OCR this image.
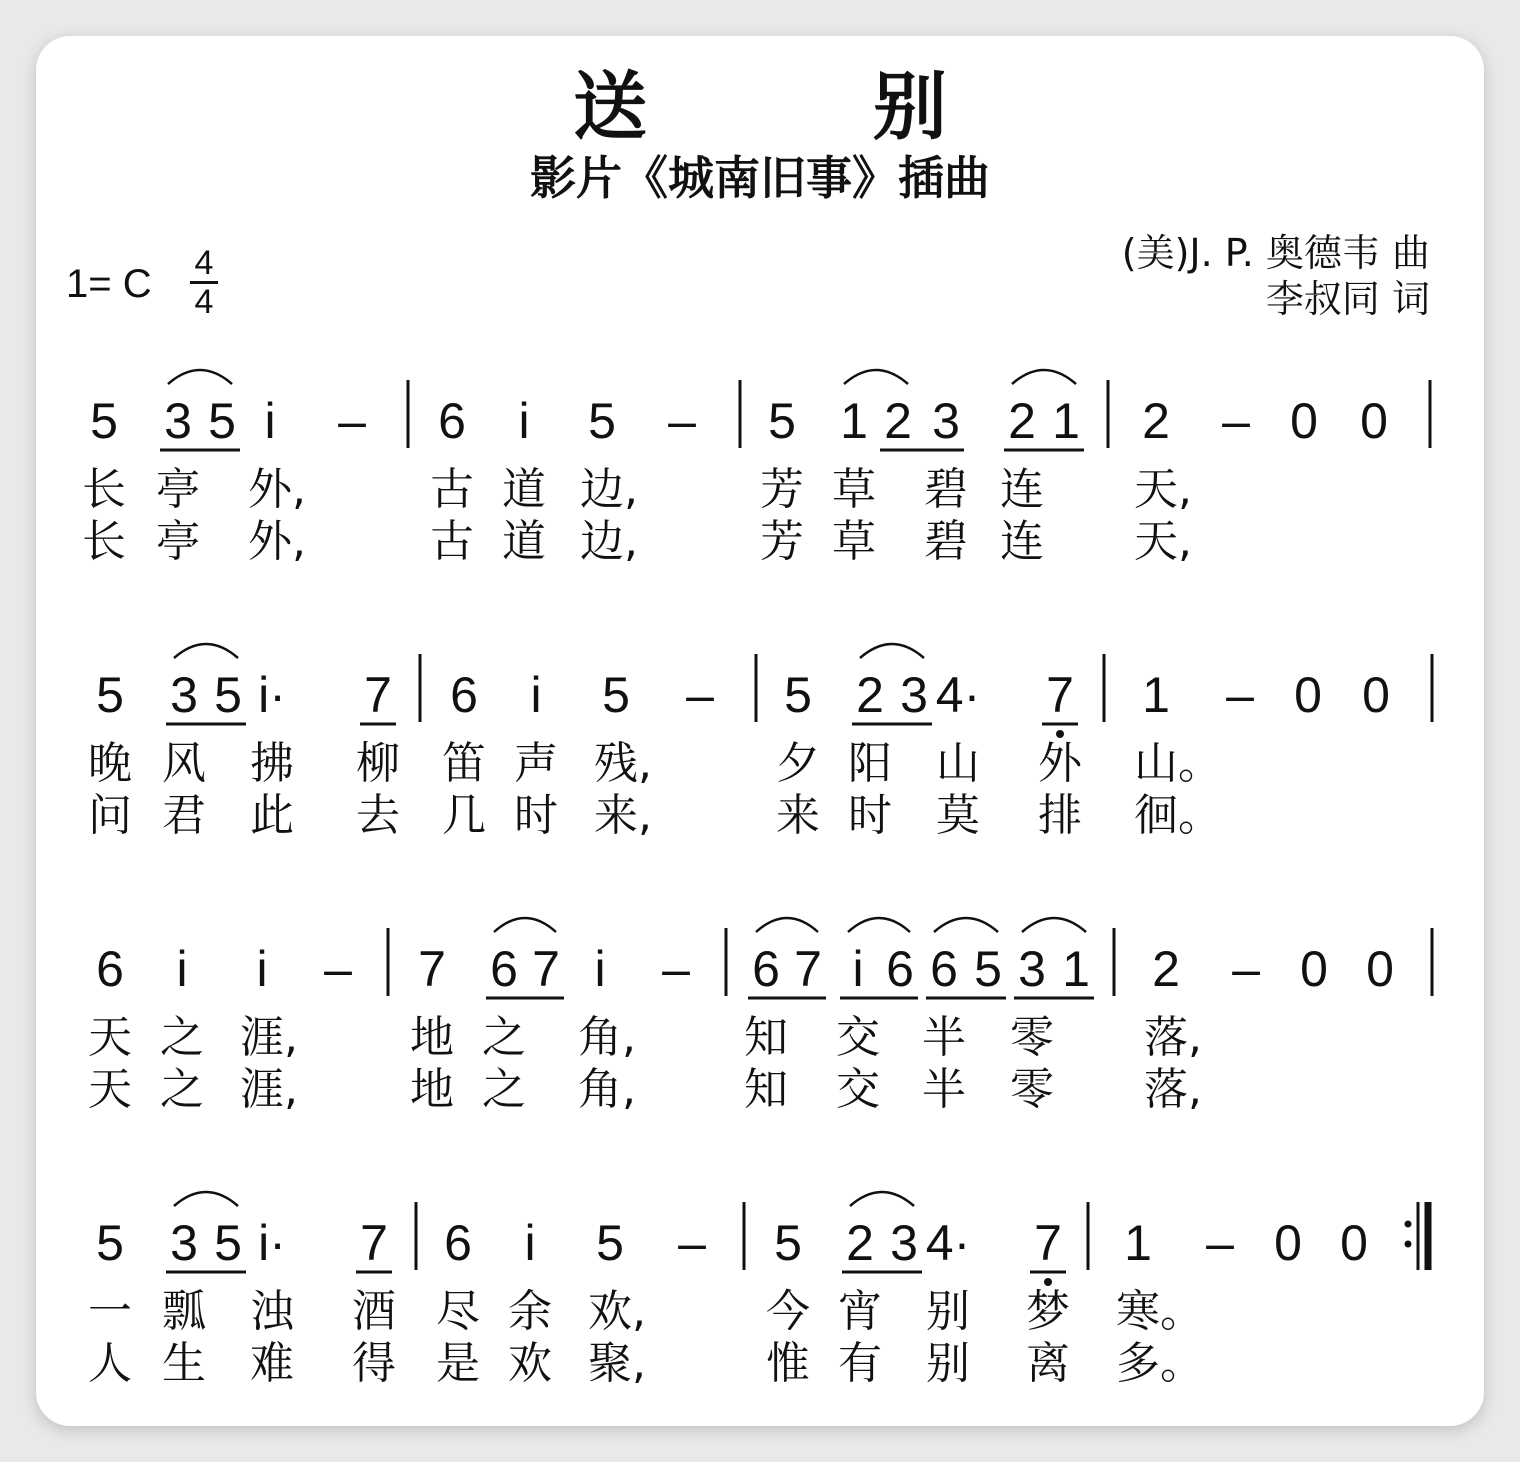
送 别
影片《城南旧事》插曲
1= C 4
4
(美)J. P. 奥德韦 曲
李叔同 词
5 3 5 i – 6 i 5 – 5 1 2 3 2 1 2 – 0 0
长 亭 外,	古 道 边,	芳 草 碧 连 天,
长 亭 外,	古 道 边,	芳 草 碧 连 天,
5 3 5 i· 7 6 i 5 – 5 2 3 4· 7 1 – 0 0
晚 风 拂 柳 笛 声 残,	夕 阳 山 外 山。
问 君 此 去 几 时 来,	来 时 莫 排 徊。
6 i i – 7 6 7 i – 6 7 i 6 6 5 3 1 2 – 0 0
天 之 涯,	地 之 角, 知 交 半 零 落,
天 之 涯,	地 之 角, 知 交 半 零 落,
5 3 5 i· 7 6 i 5 – 5 2 3 4· 7 1 – 0 0
一 瓢 浊 酒 尽 余 欢,	今 宵 别 梦 寒。
人 生 难 得 是 欢 聚,	惟 有 别 离 多。
